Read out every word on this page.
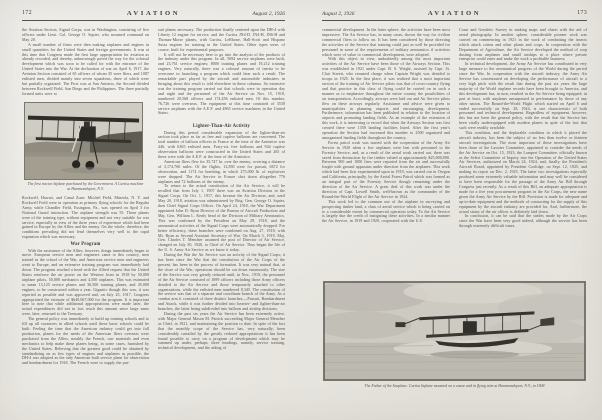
172	AVIATION	August 2, 1926

the Aviation Section, Signal Corps, was in Washington, consisting of five officers under Lieut. Col. George O. Squier, who assumed command on May 20.

A small number of firms were then making airplanes and engines in small quantities for the United States and foreign governments. It was at this time that Congress made the first large appropriation for aviation as already recorded, and thereby, unknowingly paved the way for the colossal development which was soon to be called for with the entrance of the United States into the War. At the declaration of war on April 6, 1917, the Aviation Section consisted of 65 officers of whom 35 were fliers, and 1087 enlisted men, divided mainly into seven squadrons, three of which were but partially organized. The First was at San Antonio, the Second divided between Rockwell Field, San Diego and the Philippines. The three partially formed units were at

The first tractor biplane purchased by the Government. A Curtiss machine at Hammondsport, N.Y.

Rockwell, Hawaii, and Canal Zone. Mitchel Field, Mineola, N. Y. and Rockwell Field were in operation as primary flying schools for the Regular Army, while Chandler Field, Essington, Pa., was opened on April 3 for National Guard instruction. The airplane strength was 55. These planes were of the training type, without equipment and not very suitable for war service, especially in view of the three years of experience which had been gained in Europe by the Allies and the enemy. On the whole, therefore, the conditions prevailing did not lend themselves very well to the rapid expansion which was necessary.

War Program

With the assistance of the Allies, however, things immediately began to move. European service men and engineers came to this country, men trained in the school of the War, and American service men and engineers went to Europe, and an extensive training program was immediately laid down. The program reached a head with the Allied request that the United States reinforce the air power on the Western front in 1918 by 50,000 airplane pilots, 50,000 mechanics and 4,500 airplanes. This was estimated to mean 13,125 service planes and 36,500 training planes, and 45,000 engines, to be constructed within a year. Gigantic though this was, it was reported as possible and was approved and, on July 25, 1917, Congress appropriated the estimate of $640,067,000 for the program. It is important here to note that while additional appropriations were made later, the actual expenditures did not in fact reach this amount since large sums were, later, returned to the Treasury.

The general policy was immediately to build up training schools and to fill up all vacancies in allied schools until these basic schools could be built. Feeling the time that the American industry could get into full production, planes for the needs of the American fliers overseas were purchased from the Allies, notably the French, raw materials and even mechanics to help make these planes being, in some cases, furnished by the United States. Believing that the greatest good could be obtained by standardizing on as few types of engines and airplanes as possible, the DH-4 was adopted as the only American built service plane for observation and bombardment for 1918. The French were to supply the pur-

suit planes necessary. The production finally centered upon the DH-4 with Liberty 12 engine for service, and the Curtiss JN4-D, JN4-H, JN6-H and Thomas-Morse planes, with Curtiss, LeRhone, Hall-Scott and Hispano Suiza engines for training in the United States. Other types were, of course, built for experimental purposes.

It will not be necessary here to go into the analysis of the products of the industry under this program. In all, 5694 service airplanes were built, and 23,761 service engines; 8000 training planes and 19,212 training engines. Very naturally, there was a colossal amount of inertia to be overcome in launching a program which could bear such a result. The remarkable part played by the aircraft and automobile industries in bringing about this result is told elsewhere in these columns. So extensive was the training program carried out that schools were in operation day and night and the personnel of the Air Service on Nov. 15, 1918, numbered 20,568 officers and 174,456 enlisted men. Of this number, 76,726 were overseas. The equipment at this time consisted of 3538 service airplanes with the A.E.F. and 4865 service machines in the United States.

Lighter-Than-Air Activity

During this period considerable expansion of the lighter-than-air section took place as far as free and captive balloons are concerned. The total number of balloon officers in France at the time of the Armistice was 446, with 6365 enlisted men. Forty-six free balloons and 944 captive observation balloons were constructed in the United States and 265 of these were with the A.E.F. at the time of the Armistice.

American fliers flew for 35,747 hr. over the enemy, covering a distance of 3,174,760 miles. Of the flights, 12,830 were for pursuit, 6672 for observation, and 1174 for bombing, in which 275,000 lb. of explosives were dropped. The Air Service in France shot down altogether 776 airplanes and 72 balloons of the enemy.

To return to the actual constitution of the Air Service, it will be recalled that from July 1, 1907 there was an Aviation Division in the Signal Corps. On Oct. 1, 1917, this became the Air Division, and, until May 20, 1918, aviation was administered by Brig. Gen. George O. Squier, then Chief Signal Corps Officer. On April 24, 1918, the War Department appointed John D. Ryan Director of the Bureau of Aircraft Production and Maj. Gen. William L. Kenly head of the Division of Military Aeronautics. This was confirmed by the President on May 29, 1918, and the aeronautical activities of the Signal Corps were automatically dropped. For better efficiency, these branches were combined on Aug. 27, 1918, with Mr. Ryan as Second Assistant Secretary of War. On March 3, 1919, Maj. Gen. Charles T. Menoher assumed the post of Director of Air Service, changed on July 30, 1920, to Chief of Air Service. Thus began the life of the U. S. Army Air Service as we know it today.

During the War the Air Service was an activity of the Signal Corps; it has been since the War that the constitution of the Air Corps of the present, has been in the process of formation. It was very natural that, at the close of the War, operations should be cut down enormously. The size of the Service was very greatly reduced until, in Nov., 1919, the personnel of the Air Service consisted of 1699 officers including those Army officers detailed to the Air Service and those temporarily attached to other organizations, while the enlisted men numbered 8,345. The constitution of the service was that of a separate and coordinate branch of the Army. As a combat arm it consisted of three distinct branches,—Pursuit, Bombardment and Attack, while it was further divided into heavier- and lighter-than-air branches, the latter being subdivided into balloon and airship divisions.

During the past six years the Air Service has been extremely active, with Major General Mason M. Patrick succeeding Major General Menoher as Chief, in 1921, and maintaining the position to date. In spite of the fact that the monthly scope of the Service has, very naturally, been considerably curtailed by the greatly reduced appropriations it has been found possible to carry on a program of development which may be summed up under, perhaps, three headings, namely, service training, technical development, and the aiding of

August 2, 1926	AVIATION	173

commercial development. In the latter sphere, the activities have been most impressive. The Air Service has, in many cases, shown the way for civilian commercial fliers to follow on. It has been considered by those directing the activities of the Service that training could just as well be provided for personnel in some of the requirements of military aeronautics if activities which were of value to commercial development, were adopted.

With this object in view, undoubtedly among the most important activities of the Air Service have been those of the Airways Section. This was established in 1921 under Capt. B. S. Wright, assisted by Capt. St. Clair Streett, who resumed charge when Captain Wright was detailed to troops in 1925. In the first place, it was realized that a most important section of the training of Air Service pilots was that of cross-country flying and that practice in this class of flying could be carried on in such a manner as to emphasize throughout the entire country the possibilities of air transportation. Accordingly, airways were laid out and Air Service pilots flew on these airways regularly. Assistance and advice were given to municipalities in planning airports and encouraging development. Furthermore, information has been published in relation to the location of airports and promoting landing fields. As an example of the extension of this work, it is interesting to record that when the Airways Section was first created there were 1350 landing facilities listed. After the first year's operation the Section had increased this number to 2500 organized and unorganized landing fields throughout the country.

Forest patrol work was started with the cooperation of the Army Air Service in 1920 when a few airplanes were lent with personnel to the Forestry Service, and, as a result of the aerial work carried out, there was saved from destruction by fire timber valued at approximately $25,000,000. Between 900 and 1000 fires were reported from the air and successfully fought with ground apparatus under direction from the airplanes. This work which had been first experimented upon in 1919, was carried out in Oregon and California, principally, by the Aerial Forest Patrol which was formed as an integral part of the Forestry Service though remaining under the direction of the Air Service. A great deal of this work was under the direction of Capt. Lowell Smith, well-known as the commander of the Round-the-World Flight of the Air Service in 1924.

This work led to the common use of the airplane in surveying and prospecting timber land, a class of aerial service which is being carried on to a considerable extent by commercial operators today. To the Air Service is largely due the credit of instigating these activities. In a similar manner the Air Service, in 1919 and 1920, cooperated with the U.S.

Coast and Geodetic Survey in making maps and charts with the aid of aerial photography. In another sphere, considerable pioneer work was carried on commencing in 1921 in the work of combatting the insects which attack cotton and other plants and crops. In cooperation with the Department of Agriculture, the Air Service developed the method of crop dusting from airplanes and small airships to a place where private enterprise could enter and make the work a profitable business.

In technical development, the Army Air Service has contributed in very large measure to the aeronautical progress of the World during the period since the War. In cooperation with the aircraft industry, the Army Air Service has concentrated on developing the performance of aircraft to a very high pitch with the result that during the past six years the large majority of the World airplane records have been brought to America, and this development has, in turn, resulted in the Air Service being equipped, in part at least, with airplanes unsurpassed in performance by those of any other nation. The Round-the-World Flight which started on April 6 and ended successfully on Sept. 28, 1924, is one characteristic of both personnel and technical development. Regardless of equipment, however, this has not been the general policy, with the result that the Service has been vitally underequipped with modern planes in spite of the fact that such were readily available.

This condition, and the deplorable condition in which it placed the aircraft industry, has been the subject of no less than twelve or thirteen aircraft investigations. The most important of these investigations have been those of the Lassiter Committee, appointed to consider the needs of the Air Service on Oct. 15, 1923, the Lampert Committee, officially known as the Select Committee of Inquiry into the Operation of the United States Air Services, authorized on March 24, 1924, and, finally, the President's Aircraft Board, appointed by President Coolidge, on Sept. 12, 1925, and making its report on Dec. 2, 1925. The latter two investigations especially produced some extremely valuable information and may well be considered to have been responsible for the passage of the Army Air Bill through Congress just recently. As a result of this Bill, an adequate appropriation is made for a five year procurement program in the Air Corps, the new name given the Army Air Service by the Bill. Provision is made for adequate and up-to-date equipment and the methods of contracting for the supply of this equipment by the aircraft industry are provided for. And, furthermore, the actual status of the air officer is definitely laid down.

In conclusion, it can be said that the strides made by the Air Corps since the War have been very good indeed, although the service has been through extremely difficult times.

The Father of the Seaplane. Curtiss biplane mounted on a canoe and in flying trim at Hammondsport, N.Y., in 1908
